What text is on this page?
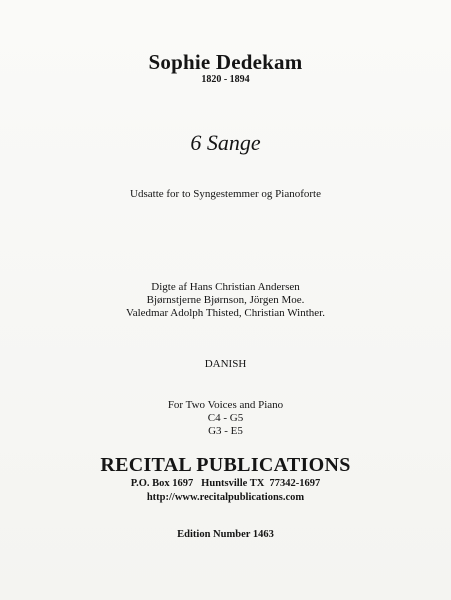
Sophie Dedekam
1820 - 1894
6 Sange
Udsatte for to Syngestemmer og Pianoforte
Digte af Hans Christian Andersen
Bjørnstjerne Bjørnson, Jörgen Moe.
Valedmar Adolph Thisted, Christian Winther.
DANISH
For Two Voices and Piano
C4 - G5
G3 - E5
RECITAL PUBLICATIONS
P.O. Box 1697   Huntsville TX  77342-1697
http://www.recitalpublications.com
Edition Number 1463
